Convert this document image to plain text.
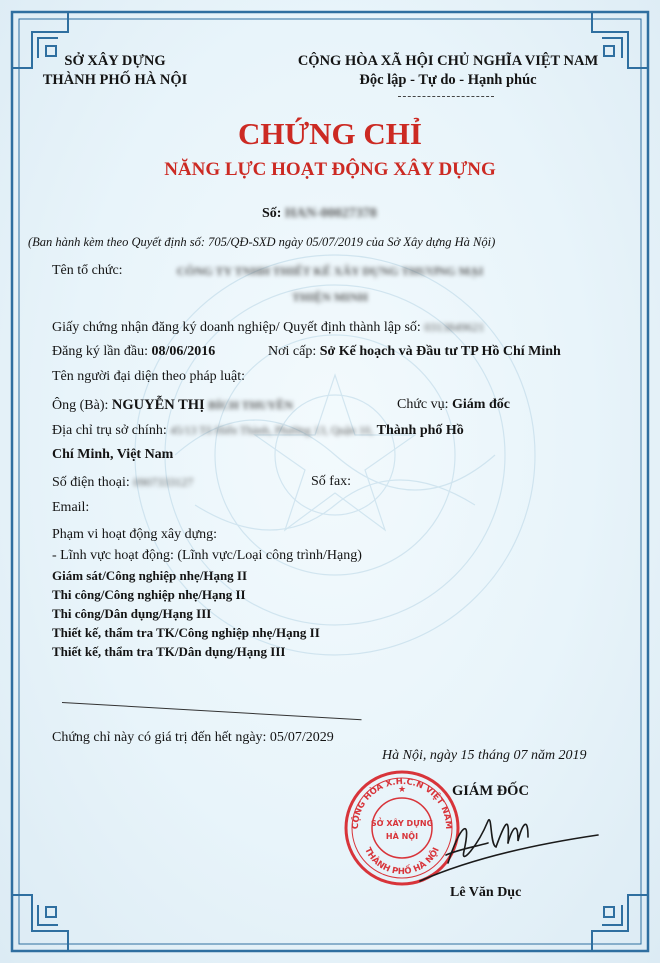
SỞ XÂY DỰNG
THÀNH PHỐ HÀ NỘI
CỘNG HÒA XÃ HỘI CHỦ NGHĨA VIỆT NAM
Độc lập - Tự do - Hạnh phúc
CHỨNG CHỈ
NĂNG LỰC HOẠT ĐỘNG XÂY DỰNG
Số: HAN-00027378
(Ban hành kèm theo Quyết định số: 705/QĐ-SXD ngày 05/07/2019 của Sở Xây dựng Hà Nội)
Tên tổ chức:	CÔNG TY TNHH THIẾT KẾ XÂY DỰNG THƯƠNG MẠI
THIỆN MINH
Giấy chứng nhận đăng ký doanh nghiệp/ Quyết định thành lập số: 0313849621
Đăng ký lần đầu: 08/06/2016	Nơi cấp: Sở Kế hoạch và Đầu tư TP Hồ Chí Minh
Tên người đại diện theo pháp luật:
Ông (Bà): NGUYỄN THỊ BÍCH THUYỀN	Chức vụ: Giám đốc
Địa chỉ trụ sở chính: 45/13 Tô Hiến Thành, Phường 13, Quận 10, Thành phố Hồ
Chí Minh, Việt Nam
Số điện thoại: 0907333127	Số fax:
Email:
Phạm vi hoạt động xây dựng:
- Lĩnh vực hoạt động: (Lĩnh vực/Loại công trình/Hạng)
Giám sát/Công nghiệp nhẹ/Hạng II
Thi công/Công nghiệp nhẹ/Hạng II
Thi công/Dân dụng/Hạng III
Thiết kế, thẩm tra TK/Công nghiệp nhẹ/Hạng II
Thiết kế, thẩm tra TK/Dân dụng/Hạng III
Chứng chỉ này có giá trị đến hết ngày: 05/07/2029
Hà Nội, ngày 15 tháng 07 năm 2019
GIÁM ĐỐC
CỘNG HÒA X.H.C.N VIỆT NAM
THÀNH PHỐ HÀ NỘI
SỞ XÂY DỰNG
HÀ NỘI
★
Lê Văn Dục
